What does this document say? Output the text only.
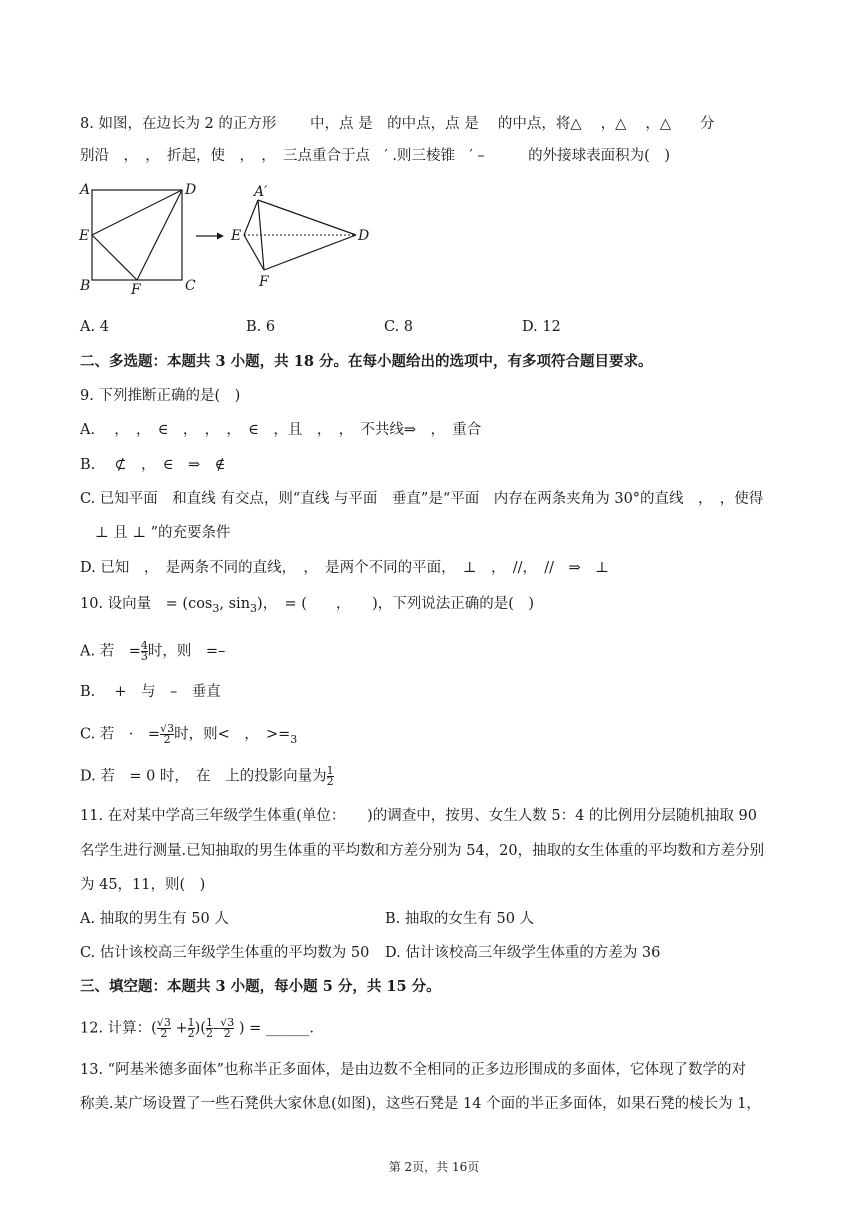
8. 如图，在边长为 2 的正方形　　 中，点 是　的中点，点 是　 的中点，将△　 ，△　 ，△　　分
别沿　，　，　折起，使　，　，　三点重合于点　′ .则三棱锥　′ –　　　的外接球表面积为(　)
A	D
E
B	F	C
A′
E
F
D
A. 4	B. 6	C. 8	D. 12
二、多选题：本题共 3 小题，共 18 分。在每小题给出的选项中，有多项符合题目要求。
9. 下列推断正确的是(　)
A. 　，　，　∈　，　，　，　∈　，且　，　，　不共线⇒　，　重合
B. 　⊄　，　∈　⇒　∉
C. 已知平面　和直线 有交点，则“直线 与平面　垂直”是“平面　内存在两条夹角为 30°的直线　，　，使得
⊥ 且 ⊥ ”的充要条件
D. 已知　，　是两条不同的直线，　，　是两个不同的平面，　⊥　，　//，　//　⇒　⊥
10. 设向量　= (cos 3 , sin 3 )，　= (　　，　　)，下列说法正确的是(　)
A. 若　= $\frac{4}{3}$ 时，则　=–
B. 　+　与　–　垂直
C. 若　·　= $\frac{√3}{2}$ 时，则<　，　>= 3
D. 若　= 0 时，　在　上的投影向量为 $\frac{1}{2}$
11. 在对某中学高三年级学生体重(单位：　　)的调查中，按男、女生人数 5：4 的比例用分层随机抽取 90
名学生进行测量.已知抽取的男生体重的平均数和方差分别为 54，20，抽取的女生体重的平均数和方差分别
为 45，11，则(　)
A. 抽取的男生有 50 人	B. 抽取的女生有 50 人
C. 估计该校高三年级学生体重的平均数为 50 D. 估计该校高三年级学生体重的方差为 36
三、填空题：本题共 3 小题，每小题 5 分，共 15 分。
12. 计算：( $\frac{√3}{2} + \frac{1}{2}$ )( $\frac{1}{2} - \frac{√3}{2}$ ) = ______.
13. “阿基米德多面体”也称半正多面体，是由边数不全相同的正多边形围成的多面体，它体现了数学的对
称美.某广场设置了一些石凳供大家休息(如图)，这些石凳是 14 个面的半正多面体，如果石凳的棱长为 1，
第 2页，共 16页
